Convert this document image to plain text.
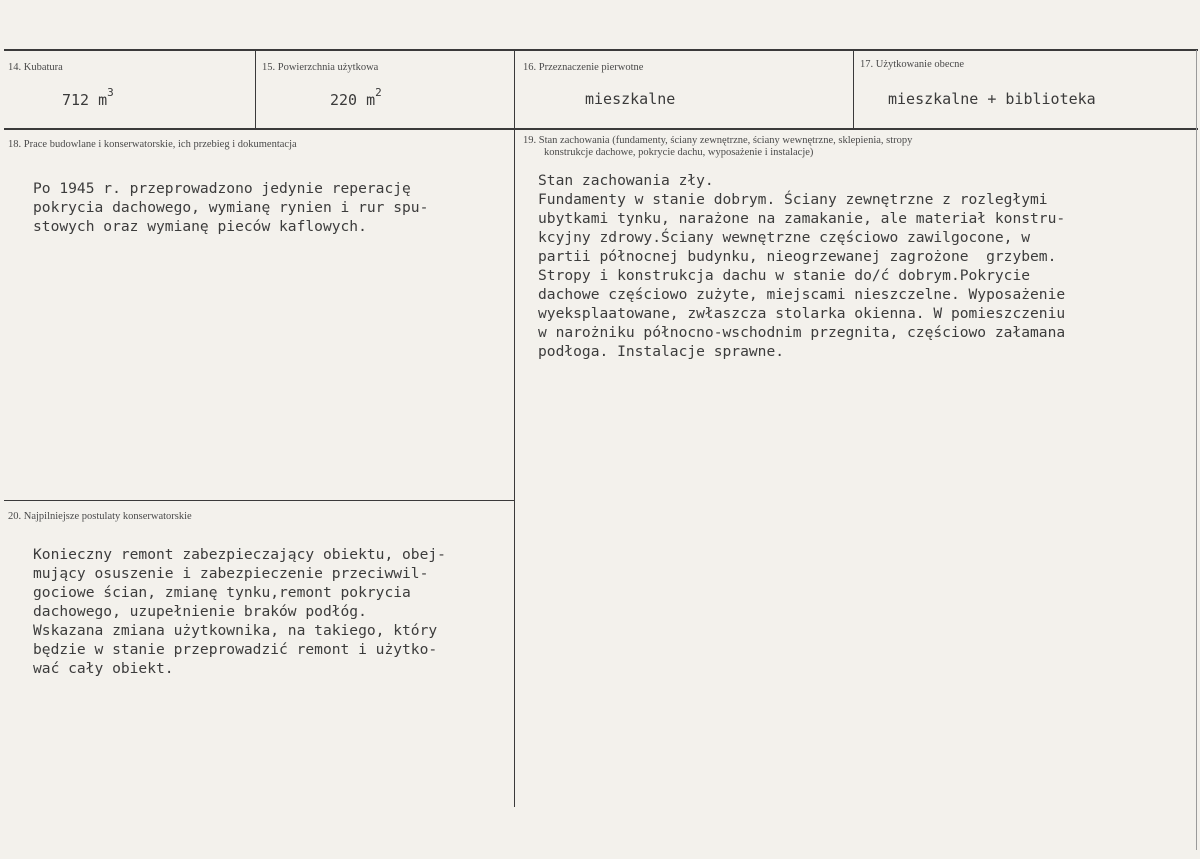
14. Kubatura
712 $m^3$
15. Powierzchnia użytkowa
220 $m^2$
16. Przeznaczenie pierwotne
mieszkalne
17. Użytkowanie obecne
mieszkalne + biblioteka
18. Prace budowlane i konserwatorskie, ich przebieg i dokumentacja
Po 1945 r. przeprowadzono jedynie reperację
pokrycia dachowego, wymianę rynien i rur spu-
stowych oraz wymianę pieców kaflowych.
19. Stan zachowania (fundamenty, ściany zewnętrzne, ściany wewnętrzne, sklepienia, stropy
konstrukcje dachowe, pokrycie dachu, wyposażenie i instalacje)
Stan zachowania zły.
Fundamenty w stanie dobrym. Ściany zewnętrzne z rozległymi
ubytkami tynku, narażone na zamakanie, ale materiał konstru-
kcyjny zdrowy.Ściany wewnętrzne częściowo zawilgocone, w
partii północnej budynku, nieogrzewanej zagrożone  grzybem.
Stropy i konstrukcja dachu w stanie do/ć dobrym.Pokrycie
dachowe częściowo zużyte, miejscami nieszczelne. Wyposażenie
wyeksplaatowane, zwłaszcza stolarka okienna. W pomieszczeniu
w narożniku północno-wschodnim przegnita, częściowo załamana
podłoga. Instalacje sprawne.
20. Najpilniejsze postulaty konserwatorskie
Konieczny remont zabezpieczający obiektu, obej-
mujący osuszenie i zabezpieczenie przeciwwil-
gociowe ścian, zmianę tynku,remont pokrycia
dachowego, uzupełnienie braków podłóg.
Wskazana zmiana użytkownika, na takiego, który
będzie w stanie przeprowadzić remont i użytko-
wać cały obiekt.
